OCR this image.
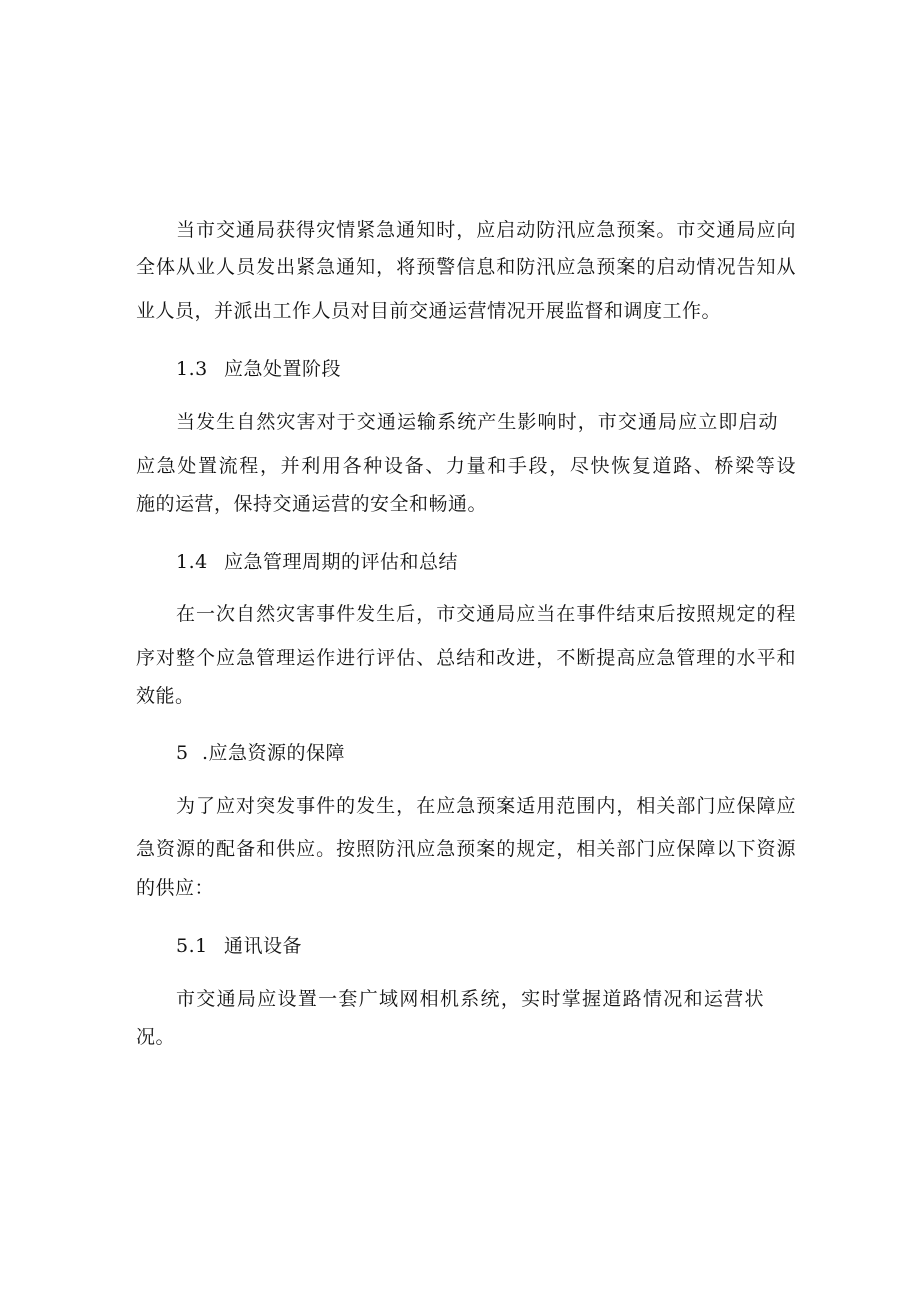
当市交通局获得灾情紧急通知时，应启动防汛应急预案。市交通局应向
全体从业人员发出紧急通知，将预警信息和防汛应急预案的启动情况告知从
业人员，并派出工作人员对目前交通运营情况开展监督和调度工作。
1.3 应急处置阶段
当发生自然灾害对于交通运输系统产生影响时，市交通局应立即启动
应急处置流程，并利用各种设备、力量和手段，尽快恢复道路、桥梁等设
施的运营，保持交通运营的安全和畅通。
1.4 应急管理周期的评估和总结
在一次自然灾害事件发生后，市交通局应当在事件结束后按照规定的程
序对整个应急管理运作进行评估、总结和改进，不断提高应急管理的水平和
效能。
5 .应急资源的保障
为了应对突发事件的发生，在应急预案适用范围内，相关部门应保障应
急资源的配备和供应。按照防汛应急预案的规定，相关部门应保障以下资源
的供应：
5.1 通讯设备
市交通局应设置一套广域网相机系统，实时掌握道路情况和运营状
况。
